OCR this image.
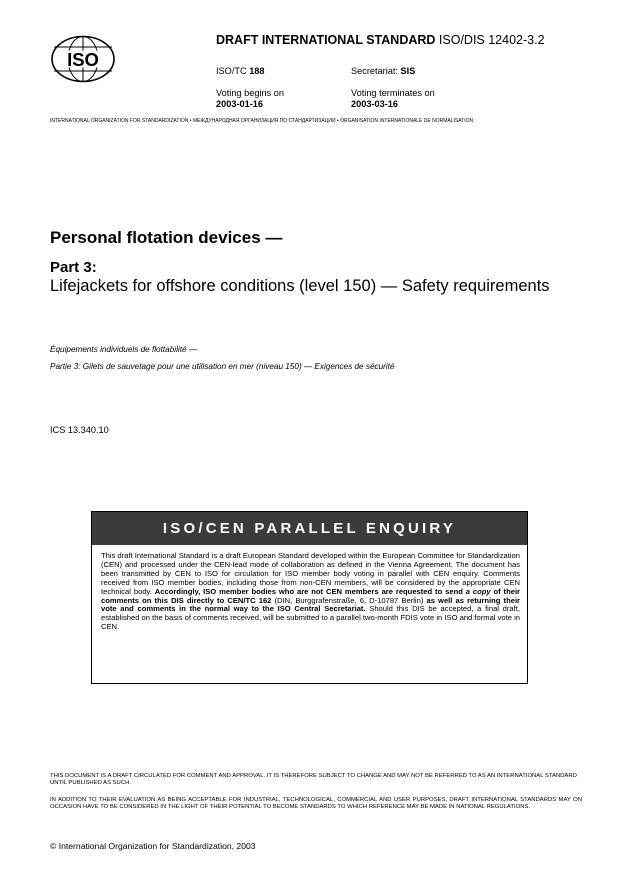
ISO
DRAFT INTERNATIONAL STANDARD ISO/DIS 12402-3.2
ISO/TC 188	Secretariat: SIS
Voting begins on
2003-01-16
Voting terminates on
2003-03-16
INTERNATIONAL ORGANIZATION FOR STANDARDIZATION • МЕЖДУНАРОДНАЯ ОРГАНИЗАЦИЯ ПО СТАНДАРТИЗАЦИИ • ORGANISATION INTERNATIONALE DE NORMALISATION
Personal flotation devices —
Part 3:
Lifejackets for offshore conditions (level 150) — Safety requirements
Équipements individuels de flottabilité —
Partie 3: Gilets de sauvetage pour une utilisation en mer (niveau 150) — Exigences de sécurité
ICS 13.340.10
ISO/CEN PARALLEL ENQUIRY
This draft International Standard is a draft European Standard developed within the European Committee for Standardization (CEN) and processed under the CEN-lead mode of collaboration as defined in the Vienna Agreement. The document has been transmitted by CEN to ISO for circulation for ISO member body voting in parallel with CEN enquiry. Comments received from ISO member bodies, including those from non-CEN members, will be considered by the appropriate CEN technical body. Accordingly, ISO member bodies who are not CEN members are requested to send a copy of their comments on this DIS directly to CEN/TC 162 (DIN, Burggrafenstraße, 6, D-10787 Berlin) as well as returning their vote and comments in the normal way to the ISO Central Secretariat. Should this DIS be accepted, a final draft, established on the basis of comments received, will be submitted to a parallel two-month FDIS vote in ISO and formal vote in CEN.
THIS DOCUMENT IS A DRAFT CIRCULATED FOR COMMENT AND APPROVAL. IT IS THEREFORE SUBJECT TO CHANGE AND MAY NOT BE REFERRED TO AS AN INTERNATIONAL STANDARD UNTIL PUBLISHED AS SUCH.
IN ADDITION TO THEIR EVALUATION AS BEING ACCEPTABLE FOR INDUSTRIAL, TECHNOLOGICAL, COMMERCIAL AND USER PURPOSES, DRAFT INTERNATIONAL STANDARDS MAY ON OCCASION HAVE TO BE CONSIDERED IN THE LIGHT OF THEIR POTENTIAL TO BECOME STANDARDS TO WHICH REFERENCE MAY BE MADE IN NATIONAL REGULATIONS.
© International Organization for Standardization, 2003
